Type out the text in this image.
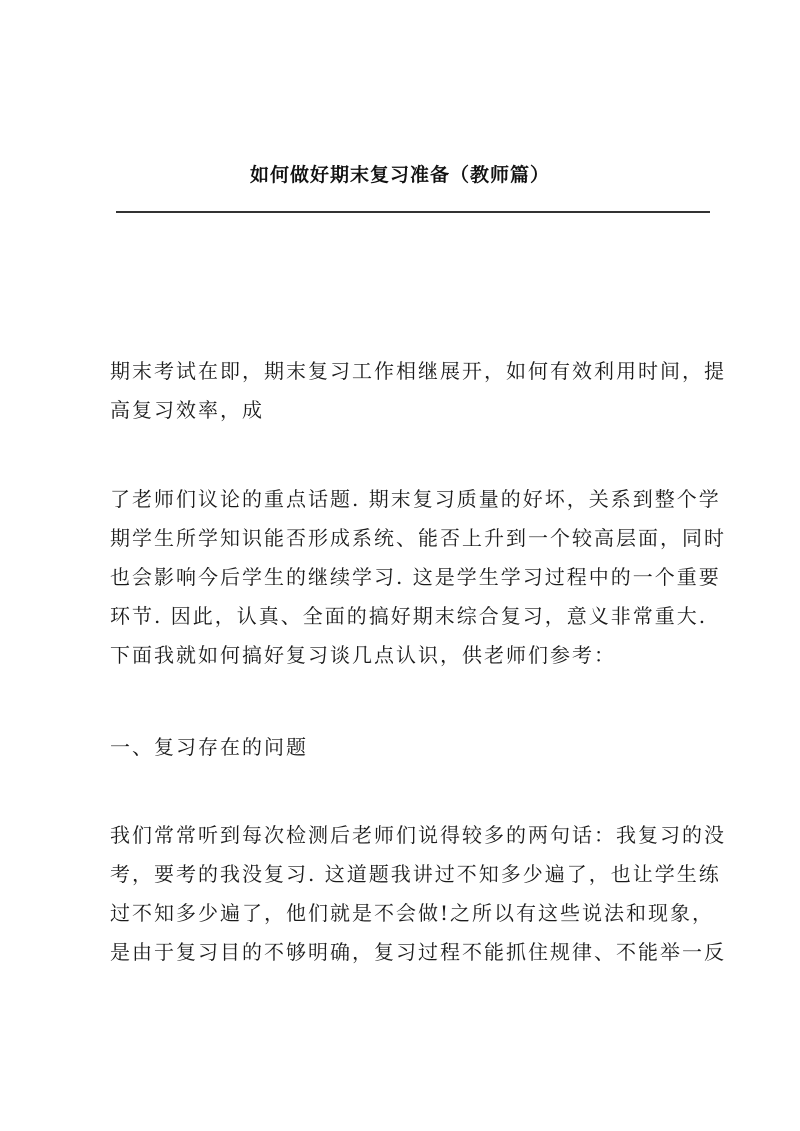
如何做好期末复习准备（教师篇）

期末考试在即，期末复习工作相继展开，如何有效利用时间，提
高复习效率，成

了老师们议论的重点话题. 期末复习质量的好坏，关系到整个学
期学生所学知识能否形成系统、能否上升到一个较高层面，同时
也会影响今后学生的继续学习. 这是学生学习过程中的一个重要
环节. 因此，认真、全面的搞好期末综合复习，意义非常重大.
下面我就如何搞好复习谈几点认识，供老师们参考：

一、复习存在的问题

我们常常听到每次检测后老师们说得较多的两句话：我复习的没
考，要考的我没复习. 这道题我讲过不知多少遍了，也让学生练
过不知多少遍了，他们就是不会做!之所以有这些说法和现象，
是由于复习目的不够明确，复习过程不能抓住规律、不能举一反
